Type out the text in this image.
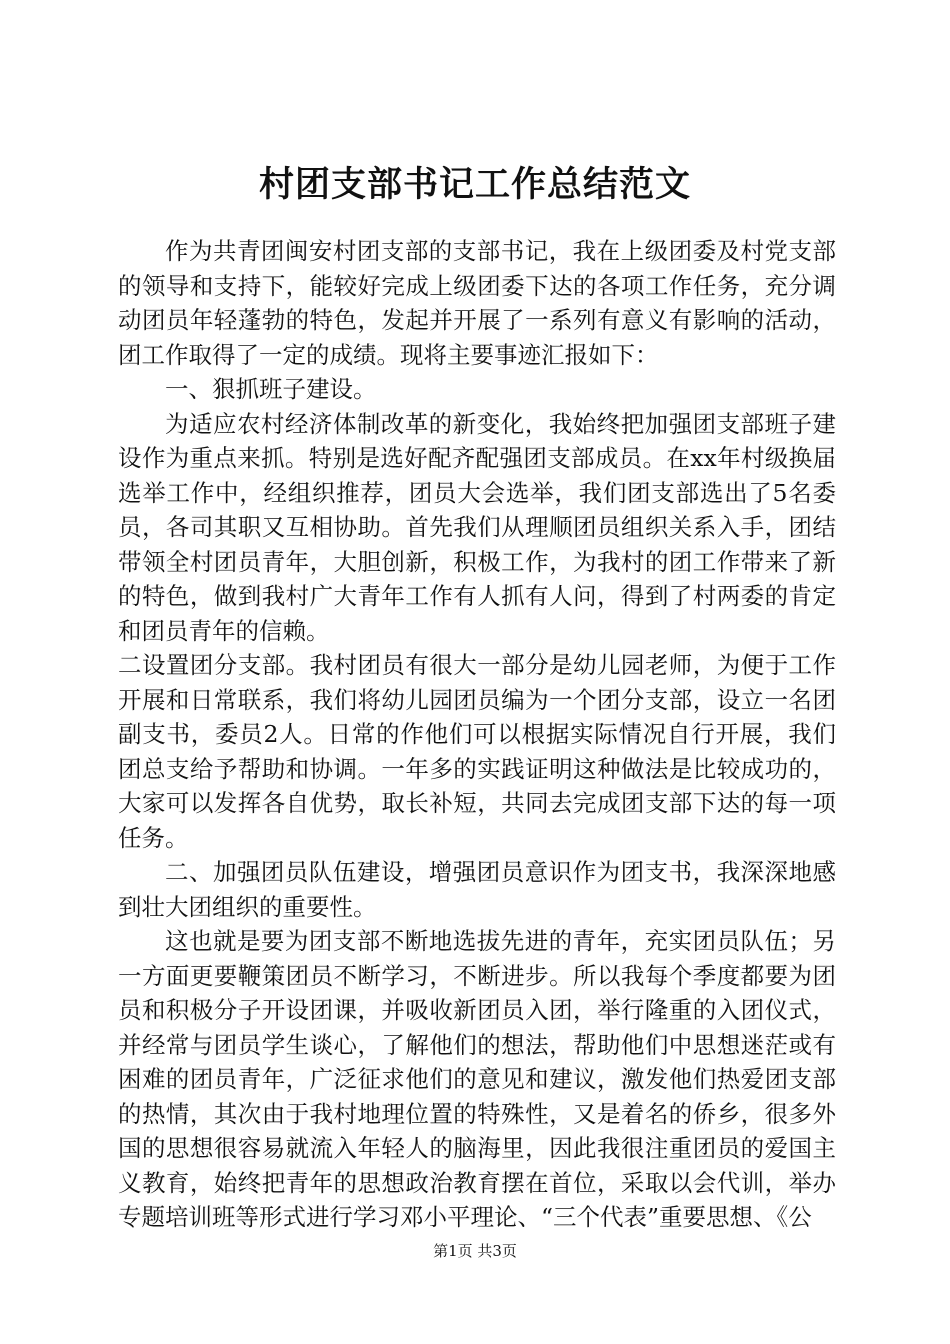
村团支部书记工作总结范文

作为共青团闽安村团支部的支部书记，我在上级团委及村党支部的领导和支持下，能较好完成上级团委下达的各项工作任务，充分调动团员年轻蓬勃的特色，发起并开展了一系列有意义有影响的活动，团工作取得了一定的成绩。现将主要事迹汇报如下：

一、狠抓班子建设。

为适应农村经济体制改革的新变化，我始终把加强团支部班子建设作为重点来抓。特别是选好配齐配强团支部成员。在xx年村级换届选举工作中，经组织推荐，团员大会选举，我们团支部选出了5名委员，各司其职又互相协助。首先我们从理顺团员组织关系入手，团结带领全村团员青年，大胆创新，积极工作，为我村的团工作带来了新的特色，做到我村广大青年工作有人抓有人问，得到了村两委的肯定和团员青年的信赖。

二设置团分支部。我村团员有很大一部分是幼儿园老师，为便于工作开展和日常联系，我们将幼儿园团员编为一个团分支部，设立一名团副支书，委员2人。日常的作他们可以根据实际情况自行开展，我们团总支给予帮助和协调。一年多的实践证明这种做法是比较成功的，大家可以发挥各自优势，取长补短，共同去完成团支部下达的每一项任务。

二、加强团员队伍建设，增强团员意识作为团支书，我深深地感到壮大团组织的重要性。

这也就是要为团支部不断地选拔先进的青年，充实团员队伍；另一方面更要鞭策团员不断学习，不断进步。所以我每个季度都要为团员和积极分子开设团课，并吸收新团员入团，举行隆重的入团仪式，并经常与团员学生谈心，了解他们的想法，帮助他们中思想迷茫或有困难的团员青年，广泛征求他们的意见和建议，激发他们热爱团支部的热情，其次由于我村地理位置的特殊性，又是着名的侨乡，很多外国的思想很容易就流入年轻人的脑海里，因此我很注重团员的爱国主义教育，始终把青年的思想政治教育摆在首位，采取以会代训，举办专题培训班等形式进行学习邓小平理论、“三个代表”重要思想、《公

第1页 共3页
